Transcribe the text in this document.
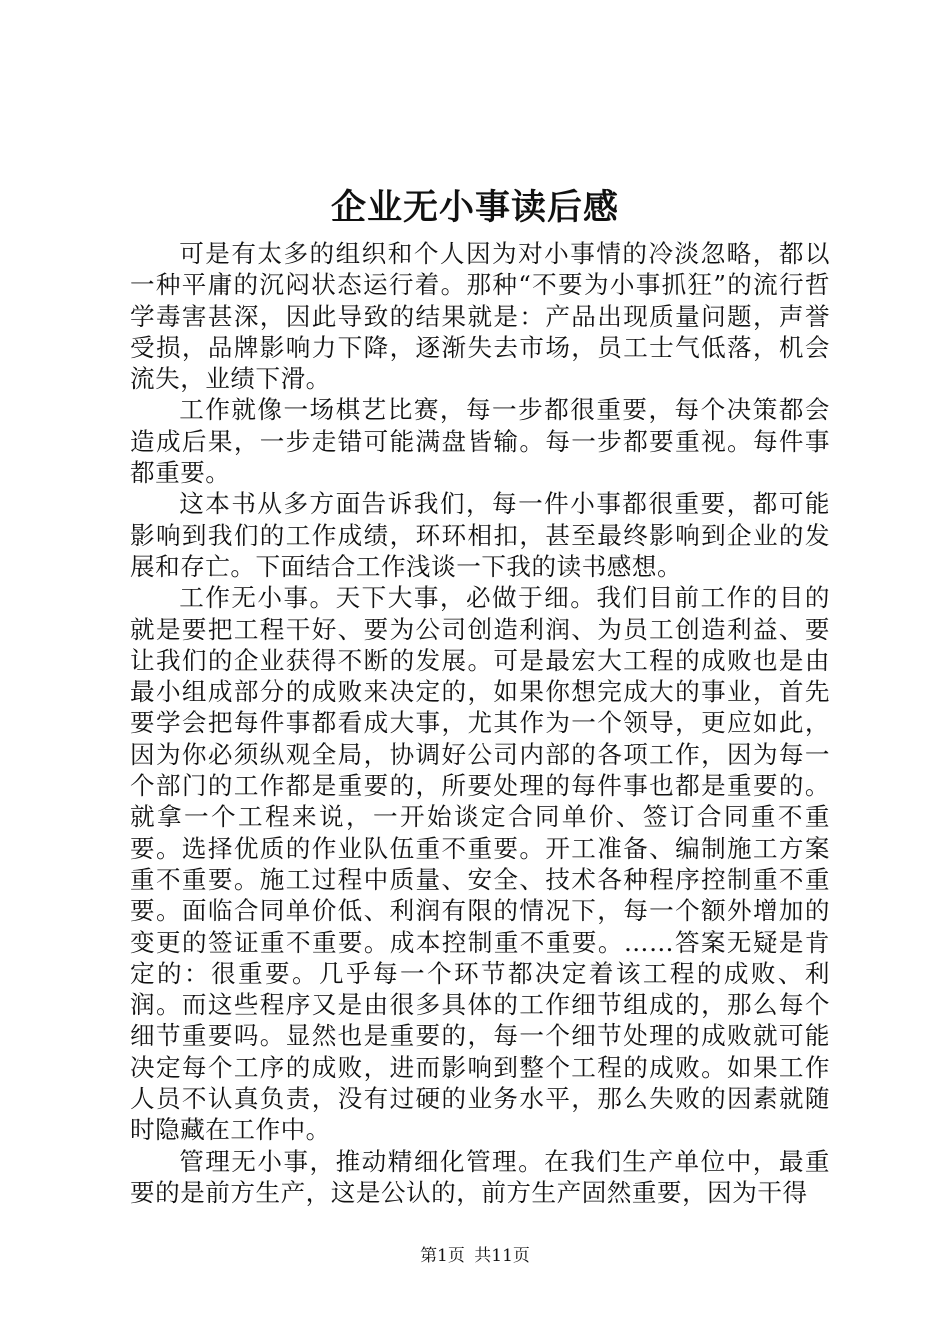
企业无小事读后感

可是有太多的组织和个人因为对小事情的冷淡忽略，都以一种平庸的沉闷状态运行着。那种“不要为小事抓狂”的流行哲学毒害甚深，因此导致的结果就是：产品出现质量问题，声誉受损，品牌影响力下降，逐渐失去市场，员工士气低落，机会流失，业绩下滑。

工作就像一场棋艺比赛，每一步都很重要，每个决策都会造成后果，一步走错可能满盘皆输。每一步都要重视。每件事都重要。

这本书从多方面告诉我们，每一件小事都很重要，都可能影响到我们的工作成绩，环环相扣，甚至最终影响到企业的发展和存亡。下面结合工作浅谈一下我的读书感想。

工作无小事。天下大事，必做于细。我们目前工作的目的就是要把工程干好、要为公司创造利润、为员工创造利益、要让我们的企业获得不断的发展。可是最宏大工程的成败也是由最小组成部分的成败来决定的，如果你想完成大的事业，首先要学会把每件事都看成大事，尤其作为一个领导，更应如此，因为你必须纵观全局，协调好公司内部的各项工作，因为每一个部门的工作都是重要的，所要处理的每件事也都是重要的。就拿一个工程来说，一开始谈定合同单价、签订合同重不重要。选择优质的作业队伍重不重要。开工准备、编制施工方案重不重要。施工过程中质量、安全、技术各种程序控制重不重要。面临合同单价低、利润有限的情况下，每一个额外增加的变更的签证重不重要。成本控制重不重要。……答案无疑是肯定的：很重要。几乎每一个环节都决定着该工程的成败、利润。而这些程序又是由很多具体的工作细节组成的，那么每个细节重要吗。显然也是重要的，每一个细节处理的成败就可能决定每个工序的成败，进而影响到整个工程的成败。如果工作人员不认真负责，没有过硬的业务水平，那么失败的因素就随时隐藏在工作中。

管理无小事，推动精细化管理。在我们生产单位中，最重要的是前方生产，这是公认的，前方生产固然重要，因为干得

第1页 共11页
